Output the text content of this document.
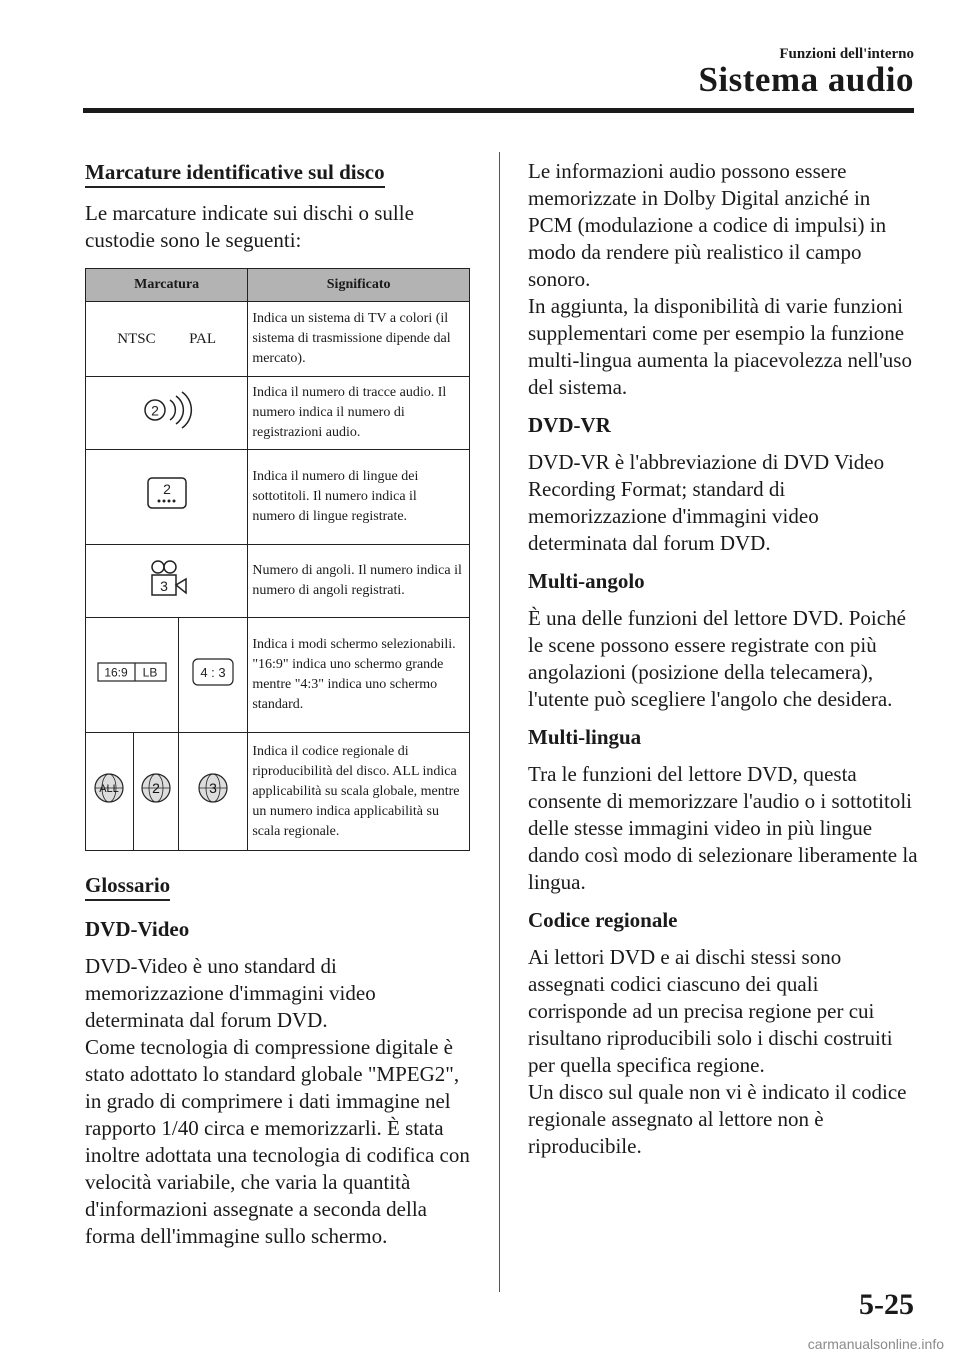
Funzioni dell'interno
Sistema audio
Marcature identificative sul disco

Le marcature indicate sui dischi o sulle custodie sono le seguenti:

Marcatura			Significato
NTSC PAL			Indica un sistema di TV a colori (il sistema di trasmissione dipende dal mercato).

2			Indica il numero di tracce audio. Il numero indica il numero di registrazioni audio.

2			Indica il numero di lingue dei sottotitoli. Il numero indica il numero di lingue registrate.

3			Numero di angoli. Il numero indica il numero di angoli registrati.

16:9 LB		4 : 3	Indica i modi schermo selezionabili. "16:9" indica uno schermo grande mentre "4:3" indica uno schermo standard.

ALL	2	3	Indica il codice regionale di riproducibilità del disco. ALL indica applicabilità su scala globale, mentre un numero indica applicabilità su scala regionale.
Glossario
DVD-Video

DVD-Video è uno standard di memorizzazione d'immagini video determinata dal forum DVD.

Come tecnologia di compressione digitale è stato adottato lo standard globale "MPEG2", in grado di comprimere i dati immagine nel rapporto 1/40 circa e memorizzarli. È stata inoltre adottata una tecnologia di codifica con velocità variabile, che varia la quantità d'informazioni assegnate a seconda della forma dell'immagine sullo schermo.

Le informazioni audio possono essere memorizzate in Dolby Digital anziché in PCM (modulazione a codice di impulsi) in modo da rendere più realistico il campo sonoro.

In aggiunta, la disponibilità di varie funzioni supplementari come per esempio la funzione multi-lingua aumenta la piacevolezza nell'uso del sistema.

DVD-VR

DVD-VR è l'abbreviazione di DVD Video Recording Format; standard di memorizzazione d'immagini video determinata dal forum DVD.

Multi-angolo

È una delle funzioni del lettore DVD. Poiché le scene possono essere registrate con più angolazioni (posizione della telecamera), l'utente può scegliere l'angolo che desidera.

Multi-lingua

Tra le funzioni del lettore DVD, questa consente di memorizzare l'audio o i sottotitoli delle stesse immagini video in più lingue dando così modo di selezionare liberamente la lingua.

Codice regionale

Ai lettori DVD e ai dischi stessi sono assegnati codici ciascuno dei quali corrisponde ad un precisa regione per cui risultano riproducibili solo i dischi costruiti per quella specifica regione.

Un disco sul quale non vi è indicato il codice regionale assegnato al lettore non è riproducibile.

5-25
carmanualsonline.info
